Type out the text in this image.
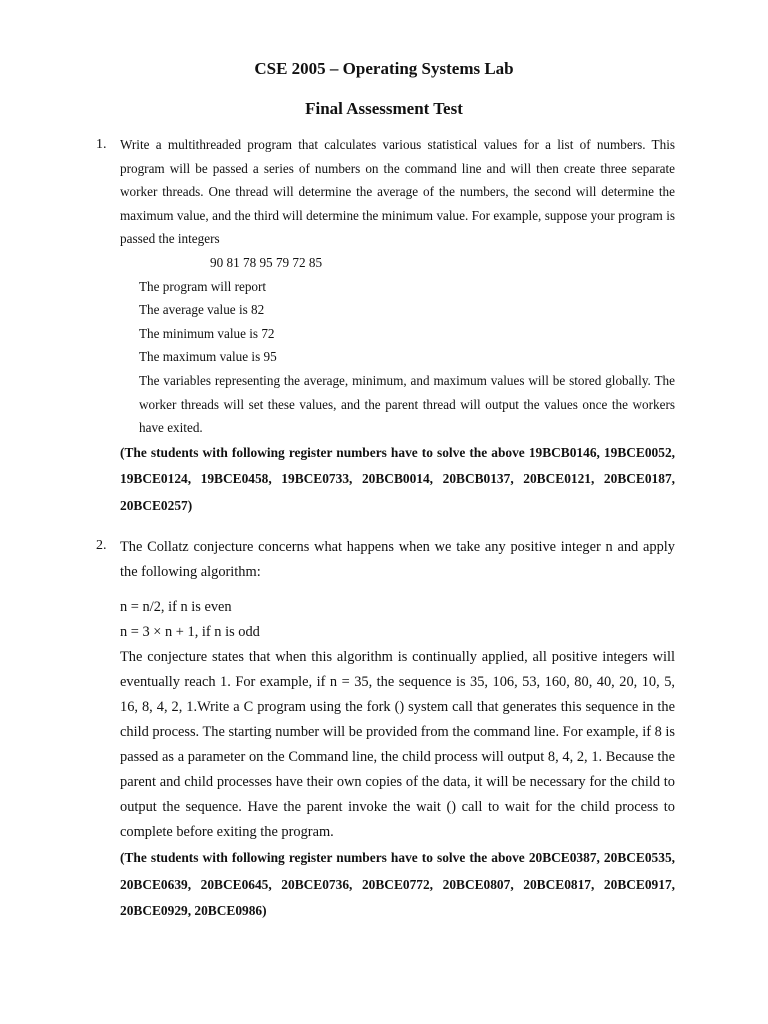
CSE 2005 – Operating Systems Lab
Final Assessment Test
1. Write a multithreaded program that calculates various statistical values for a list of numbers. This program will be passed a series of numbers on the command line and will then create three separate worker threads. One thread will determine the average of the numbers, the second will determine the maximum value, and the third will determine the minimum value. For example, suppose your program is passed the integers

90 81 78 95 79 72 85

The program will report

The average value is 82

The minimum value is 72

The maximum value is 95

The variables representing the average, minimum, and maximum values will be stored globally. The worker threads will set these values, and the parent thread will output the values once the workers have exited.

(The students with following register numbers have to solve the above 19BCB0146, 19BCE0052, 19BCE0124, 19BCE0458, 19BCE0733, 20BCB0014, 20BCB0137, 20BCE0121, 20BCE0187, 20BCE0257)

2. The Collatz conjecture concerns what happens when we take any positive integer n and apply the following algorithm:

n = n/2, if n is even

n = 3 × n + 1, if n is odd

The conjecture states that when this algorithm is continually applied, all positive integers will eventually reach 1. For example, if n = 35, the sequence is 35, 106, 53, 160, 80, 40, 20, 10, 5, 16, 8, 4, 2, 1.Write a C program using the fork () system call that generates this sequence in the child process. The starting number will be provided from the command line. For example, if 8 is passed as a parameter on the Command line, the child process will output 8, 4, 2, 1. Because the parent and child processes have their own copies of the data, it will be necessary for the child to output the sequence. Have the parent invoke the wait () call to wait for the child process to complete before exiting the program.

(The students with following register numbers have to solve the above 20BCE0387, 20BCE0535, 20BCE0639, 20BCE0645, 20BCE0736, 20BCE0772, 20BCE0807, 20BCE0817, 20BCE0917, 20BCE0929, 20BCE0986)
